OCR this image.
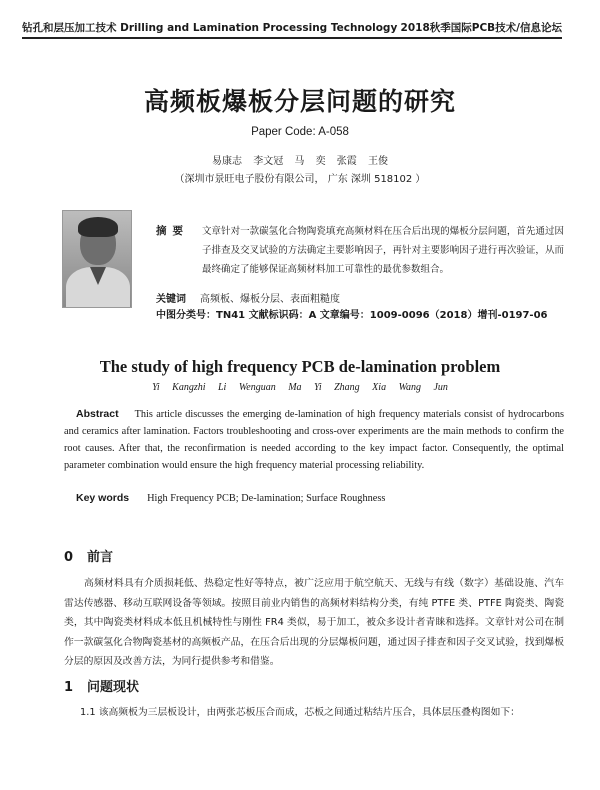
钻孔和层压加工技术 Drilling and Lamination Processing Technology 2018秋季国际PCB技术/信息论坛
高频板爆板分层问题的研究
Paper Code: A-058
易康志 李文冠 马 奕 张霞 王俊
（深圳市景旺电子股份有限公司， 广东 深圳 518102 ）
摘要 文章针对一款碳氢化合物陶瓷填充高频材料在压合后出现的爆板分层问题，首先通过因子排查及交叉试验的方法确定主要影响因子，再针对主要影响因子进行再次验证，从而最终确定了能够保证高频材料加工可靠性的最优参数组合。
关键词 高频板、爆板分层、表面粗糙度
中图分类号：TN41 文献标识码：A 文章编号：1009-0096（2018）增刊-0197-06
The study of high frequency PCB de-lamination problem
Yi Kangzhi Li Wenguan Ma Yi Zhang Xia Wang Jun
Abstract This article discusses the emerging de-lamination of high frequency materials consist of hydrocarbons and ceramics after lamination. Factors troubleshooting and cross-over experiments are the main methods to confirm the root causes. After that, the reconfirmation is needed according to the key impact factor. Consequently, the optimal parameter combination would ensure the high frequency material processing reliability.
Key words High Frequency PCB; De-lamination; Surface Roughness
0 前言
高频材料具有介质损耗低、热稳定性好等特点，被广泛应用于航空航天、无线与有线（数字）基础设施、汽车雷达传感器、移动互联网设备等领域。按照目前业内销售的高频材料结构分类，有纯 PTFE 类、PTFE 陶瓷类、陶瓷类，其中陶瓷类材料成本低且机械特性与刚性 FR4 类似，易于加工，被众多设计者青睐和选择。文章针对公司在制作一款碳氢化合物陶瓷基材的高频板产品，在压合后出现的分层爆板问题，通过因子排查和因子交叉试验，找到爆板分层的原因及改善方法，为同行提供参考和借鉴。
1 问题现状
1.1 该高频板为三层板设计，由两张芯板压合而成，芯板之间通过粘结片压合，具体层压叠构图如下：
